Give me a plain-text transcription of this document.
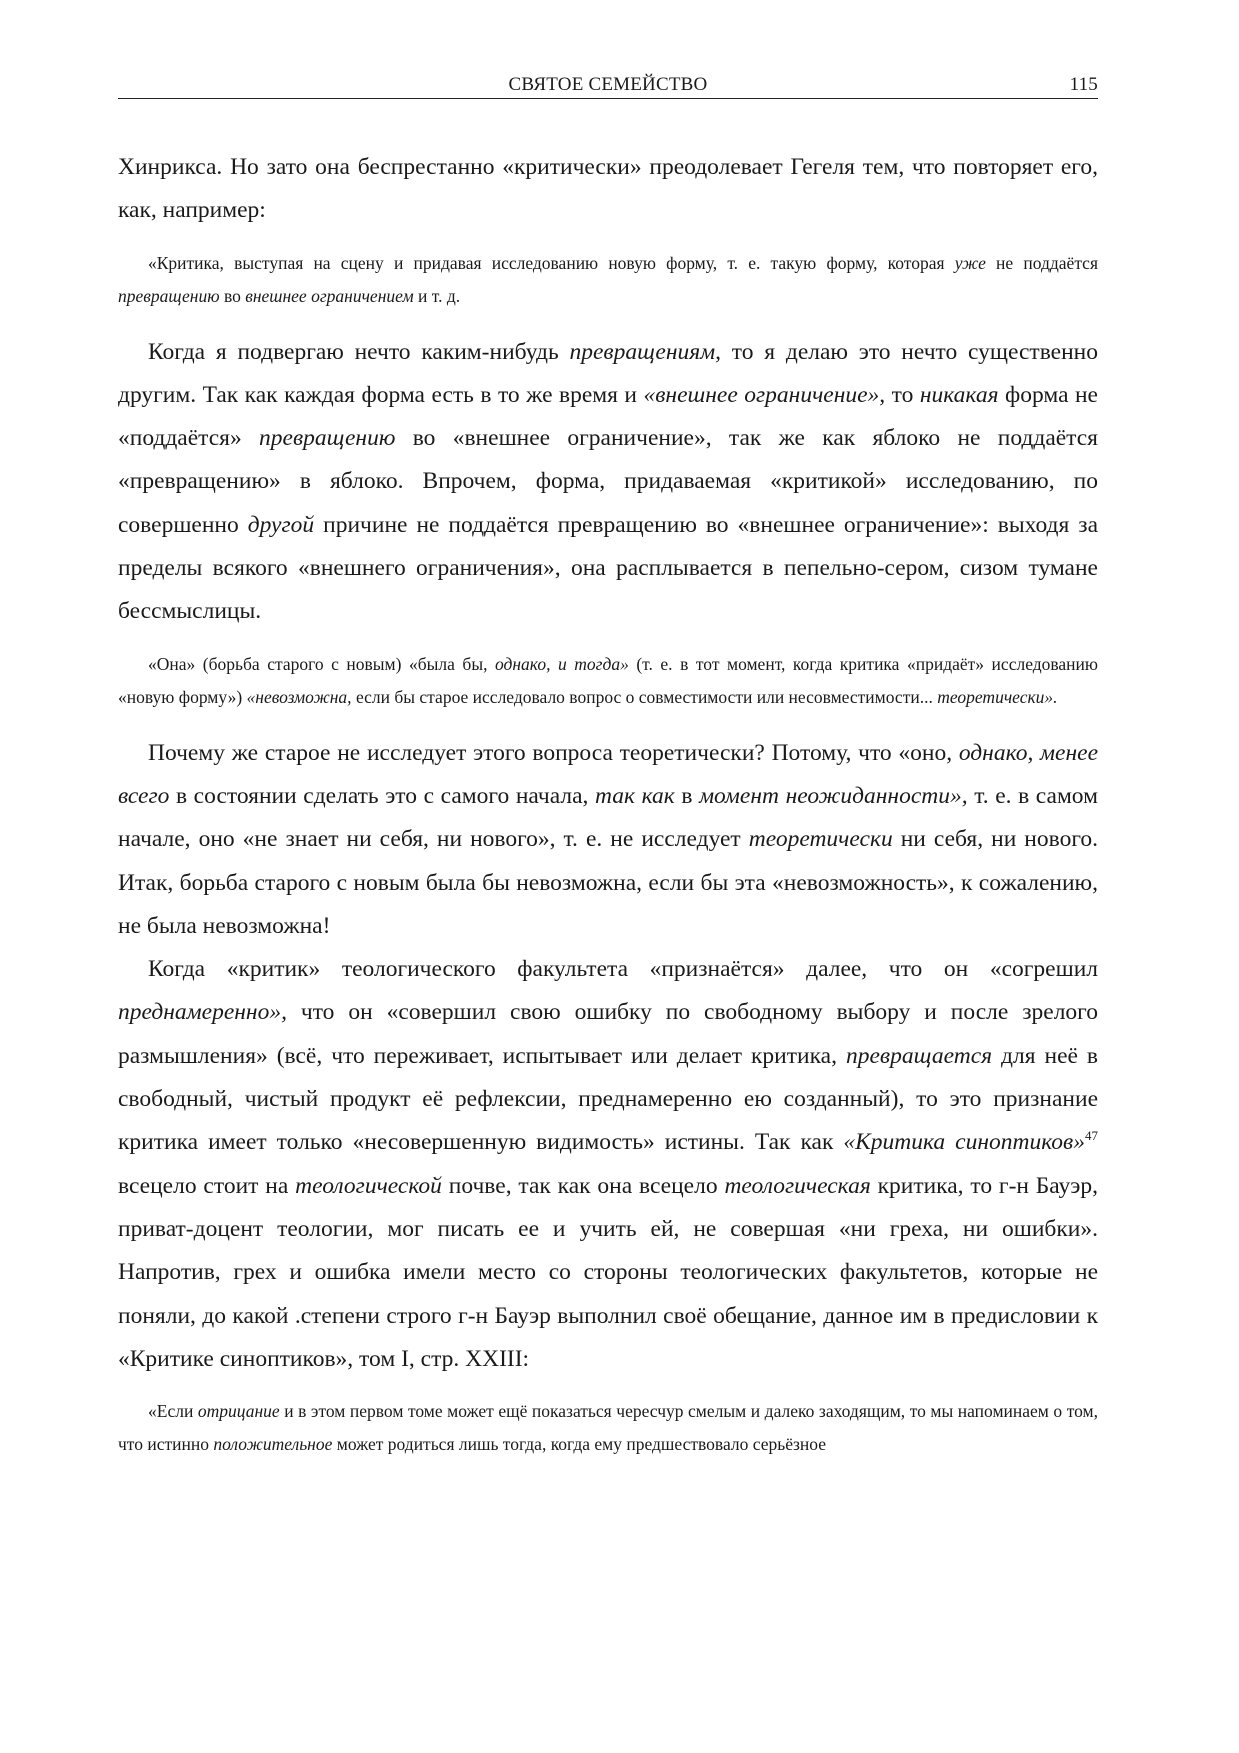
СВЯТОЕ СЕМЕЙСТВО	115

Хинрикса. Но зато она беспрестанно «критически» преодолевает Гегеля тем, что повторяет его, как, например:

«Критика, выступая на сцену и придавая исследованию новую форму, т. е. такую форму, которая уже не поддаётся превращению во внешнее ограничением и т. д.

Когда я подвергаю нечто каким-нибудь превращениям, то я делаю это нечто существенно другим. Так как каждая форма есть в то же время и «внешнее ограничение», то никакая форма не «поддаётся» превращению во «внешнее ограничение», так же как яблоко не поддаётся «превращению» в яблоко. Впрочем, форма, придаваемая «критикой» исследованию, по совершенно другой причине не поддаётся превращению во «внешнее ограничение»: выходя за пределы всякого «внешнего ограничения», она расплывается в пепельно-сером, сизом тумане бессмыслицы.

«Она» (борьба старого с новым) «была бы, однако, и тогда» (т. е. в тот момент, когда критика «придаёт» исследованию «новую форму») «невозможна, если бы старое исследовало вопрос о совместимости или несовместимости... теоретически».

Почему же старое не исследует этого вопроса теоретически? Потому, что «оно, однако, менее всего в состоянии сделать это с самого начала, так как в момент неожиданности», т. е. в самом начале, оно «не знает ни себя, ни нового», т. е. не исследует теоретически ни себя, ни нового. Итак, борьба старого с новым была бы невозможна, если бы эта «невозможность», к сожалению, не была невозможна!

Когда «критик» теологического факультета «признаётся» далее, что он «согрешил преднамеренно», что он «совершил свою ошибку по свободному выбору и после зрелого размышления» (всё, что переживает, испытывает или делает критика, превращается для неё в свободный, чистый продукт её рефлексии, преднамеренно ею созданный), то это признание критика имеет только «несовершенную видимость» истины. Так как «Критика синоптиков»$^{47}$ всецело стоит на теологической почве, так как она всецело теологическая критика, то г-н Бауэр, приват-доцент теологии, мог писать ее и учить ей, не совершая «ни греха, ни ошибки». Напротив, грех и ошибка имели место со стороны теологических факультетов, которые не поняли, до какой .степени строго г-н Бауэр выполнил своё обещание, данное им в предисловии к «Критике синоптиков», том I, стр. XXIII:

«Если отрицание и в этом первом томе может ещё показаться чересчур смелым и далеко заходящим, то мы напоминаем о том, что истинно положительное может родиться лишь тогда, когда ему предшествовало серьёзное
